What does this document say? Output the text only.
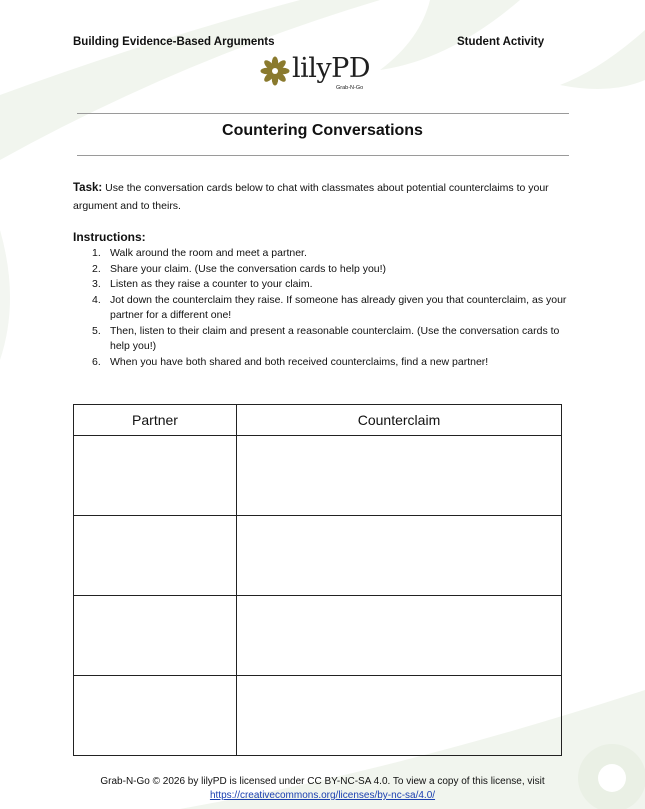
Building Evidence-Based Arguments	Student Activity
lilyPD
Grab-N-Go
Countering Conversations
Task: Use the conversation cards below to chat with classmates about potential counterclaims to your argument and to theirs.
Instructions:
1. Walk around the room and meet a partner.
2. Share your claim. (Use the conversation cards to help you!)
3. Listen as they raise a counter to your claim.
4. Jot down the counterclaim they raise. If someone has already given you that counterclaim, as your partner for a different one!
5. Then, listen to their claim and present a reasonable counterclaim. (Use the conversation cards to help you!)
6. When you have both shared and both received counterclaims, find a new partner!
Partner	Counterclaim

Grab-N-Go © 2026 by lilyPD is licensed under CC BY-NC-SA 4.0. To view a copy of this license, visit
https://creativecommons.org/licenses/by-nc-sa/4.0/
